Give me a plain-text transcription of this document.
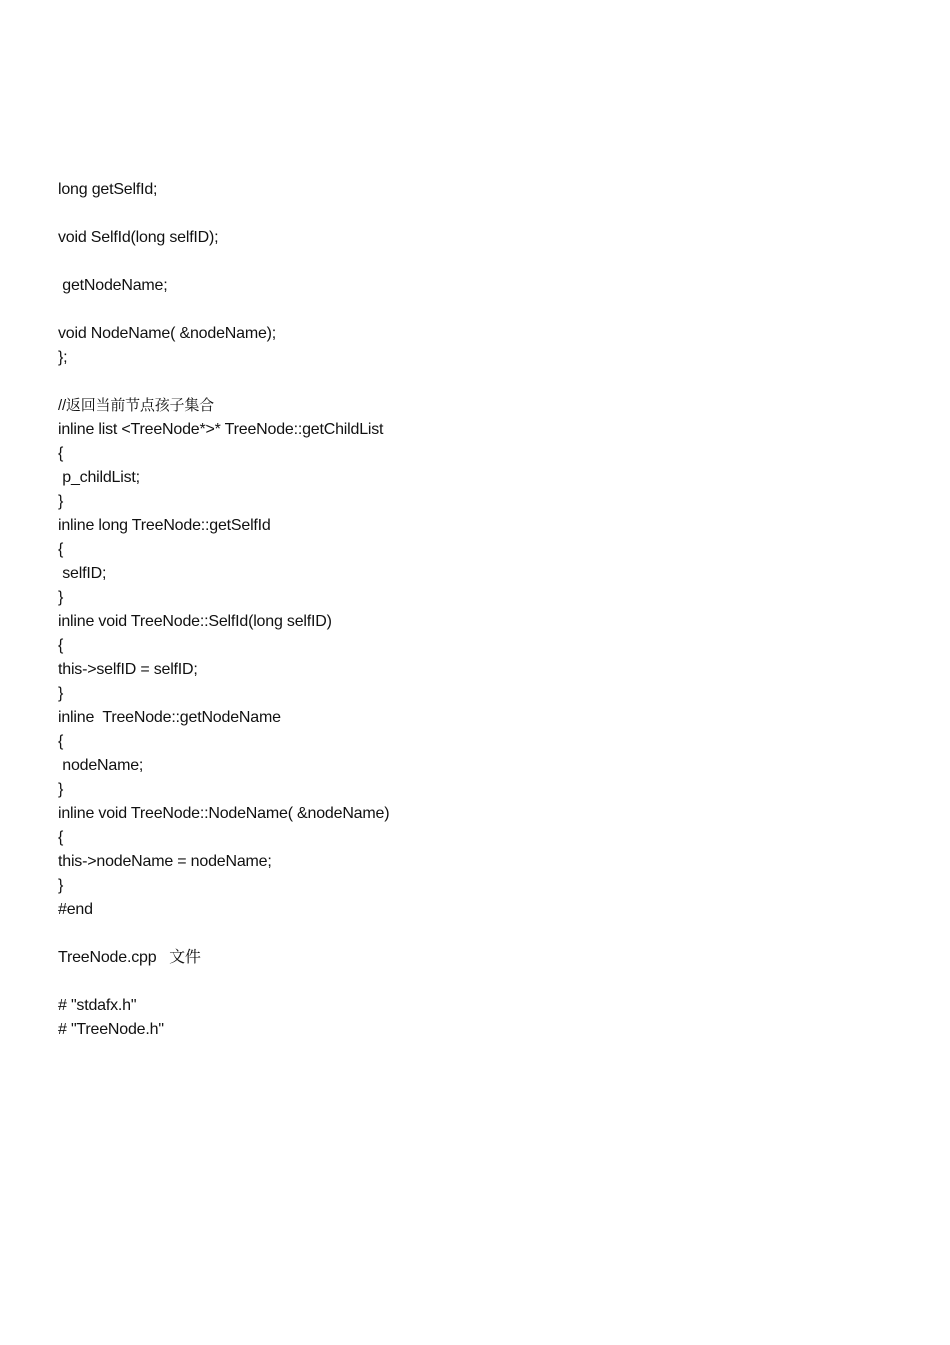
long getSelfId;
void SelfId(long selfID);
getNodeName;
void NodeName( &nodeName);
};
//返回当前节点孩子集合
inline list <TreeNode*>* TreeNode::getChildList
{
p_childList;
}
inline long TreeNode::getSelfId
{
selfID;
}
inline void TreeNode::SelfId(long selfID)
{
this->selfID = selfID;
}
inline  TreeNode::getNodeName
{
nodeName;
}
inline void TreeNode::NodeName( &nodeName)
{
this->nodeName = nodeName;
}
#end
TreeNode.cpp   文件
# "stdafx.h"
# "TreeNode.h"
